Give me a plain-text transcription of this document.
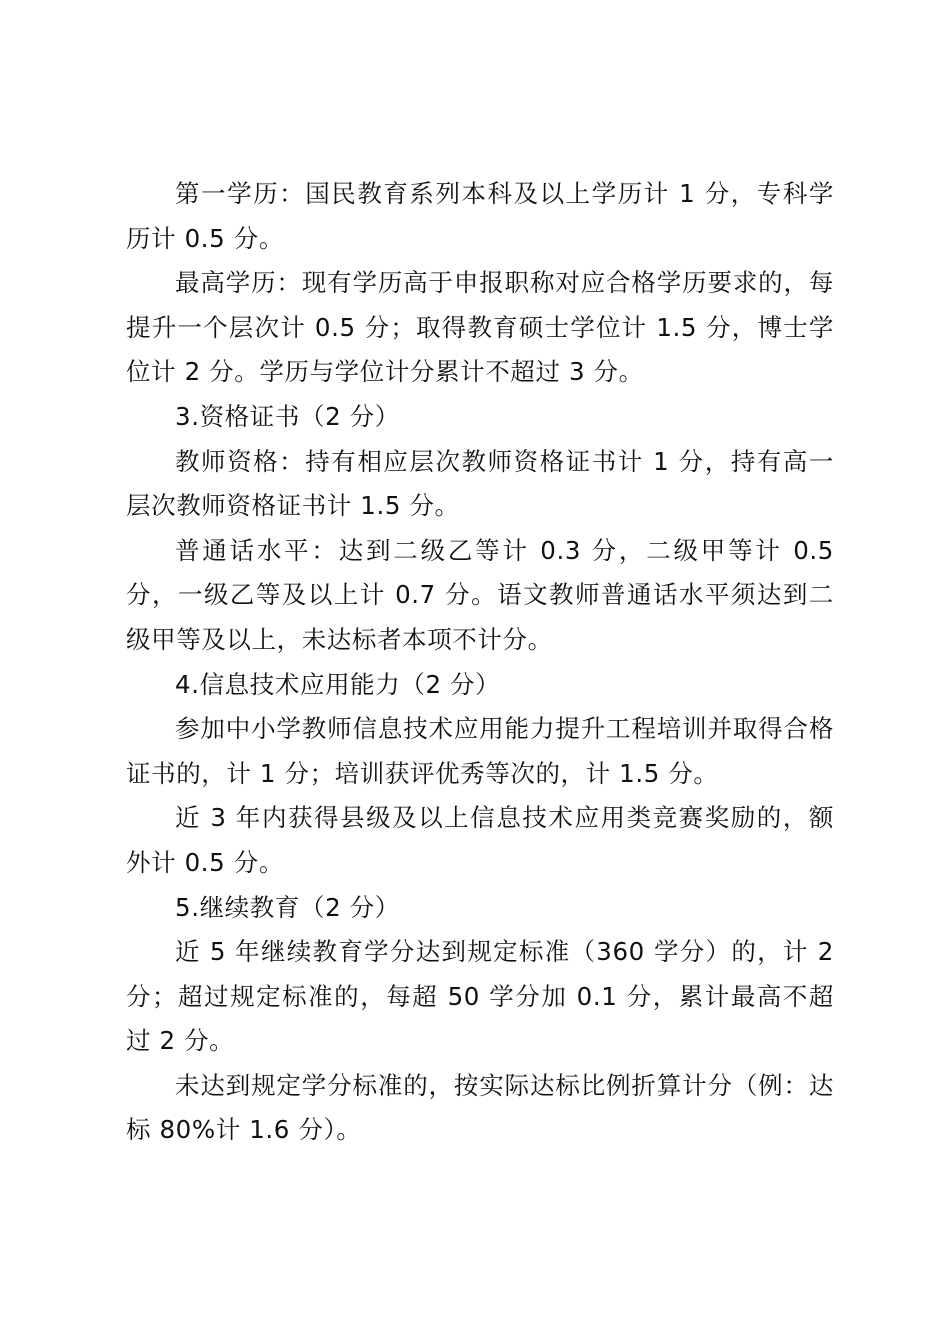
第一学历：国民教育系列本科及以上学历计 1 分，专科学历计 0.5 分。

最高学历：现有学历高于申报职称对应合格学历要求的，每提升一个层次计 0.5 分；取得教育硕士学位计 1.5 分，博士学位计 2 分。学历与学位计分累计不超过 3 分。

3.资格证书（2 分）

教师资格：持有相应层次教师资格证书计 1 分，持有高一层次教师资格证书计 1.5 分。

普通话水平：达到二级乙等计 0.3 分，二级甲等计 0.5 分，一级乙等及以上计 0.7 分。语文教师普通话水平须达到二级甲等及以上，未达标者本项不计分。

4.信息技术应用能力（2 分）

参加中小学教师信息技术应用能力提升工程培训并取得合格证书的，计 1 分；培训获评优秀等次的，计 1.5 分。

近 3 年内获得县级及以上信息技术应用类竞赛奖励的，额外计 0.5 分。

5.继续教育（2 分）

近 5 年继续教育学分达到规定标准（360 学分）的，计 2 分；超过规定标准的，每超 50 学分加 0.1 分，累计最高不超过 2 分。

未达到规定学分标准的，按实际达标比例折算计分（例：达标 80%计 1.6 分）。
